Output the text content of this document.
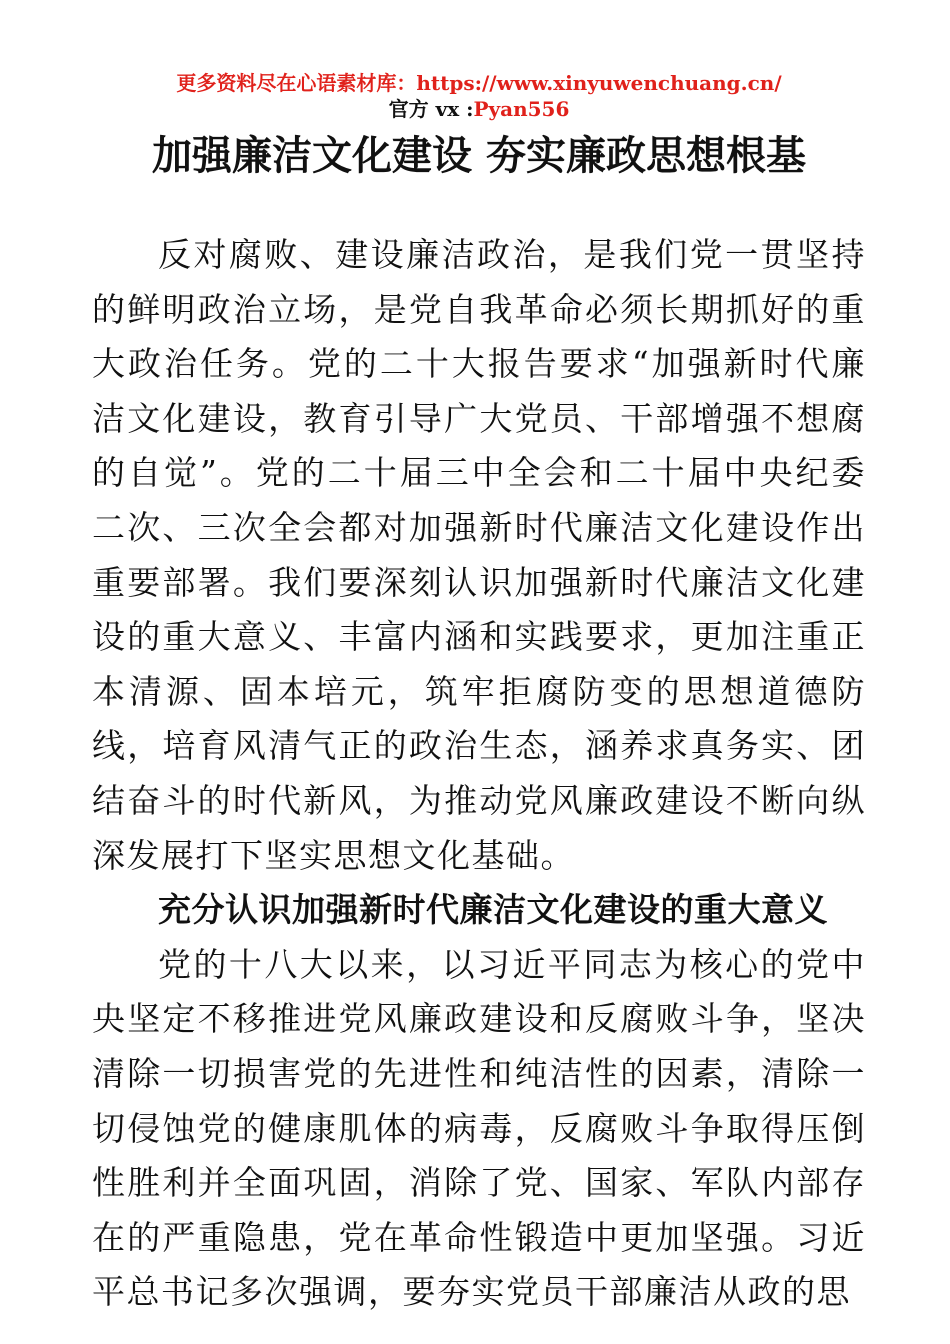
更多资料尽在心语素材库：https://www.xinyuwenchuang.cn/
官方 vx :Pyan556
加强廉洁文化建设 夯实廉政思想根基

反对腐败、建设廉洁政治，是我们党一贯坚持的鲜明政治立场，是党自我革命必须长期抓好的重大政治任务。党的二十大报告要求“加强新时代廉洁文化建设，教育引导广大党员、干部增强不想腐的自觉”。党的二十届三中全会和二十届中央纪委二次、三次全会都对加强新时代廉洁文化建设作出重要部署。我们要深刻认识加强新时代廉洁文化建设的重大意义、丰富内涵和实践要求，更加注重正本清源、固本培元，筑牢拒腐防变的思想道德防线，培育风清气正的政治生态，涵养求真务实、团结奋斗的时代新风，为推动党风廉政建设不断向纵深发展打下坚实思想文化基础。

充分认识加强新时代廉洁文化建设的重大意义

党的十八大以来，以习近平同志为核心的党中央坚定不移推进党风廉政建设和反腐败斗争，坚决清除一切损害党的先进性和纯洁性的因素，清除一切侵蚀党的健康肌体的病毒，反腐败斗争取得压倒性胜利并全面巩固，消除了党、国家、军队内部存在的严重隐患，党在革命性锻造中更加坚强。习近平总书记多次强调，要夯实党员干部廉洁从政的思
